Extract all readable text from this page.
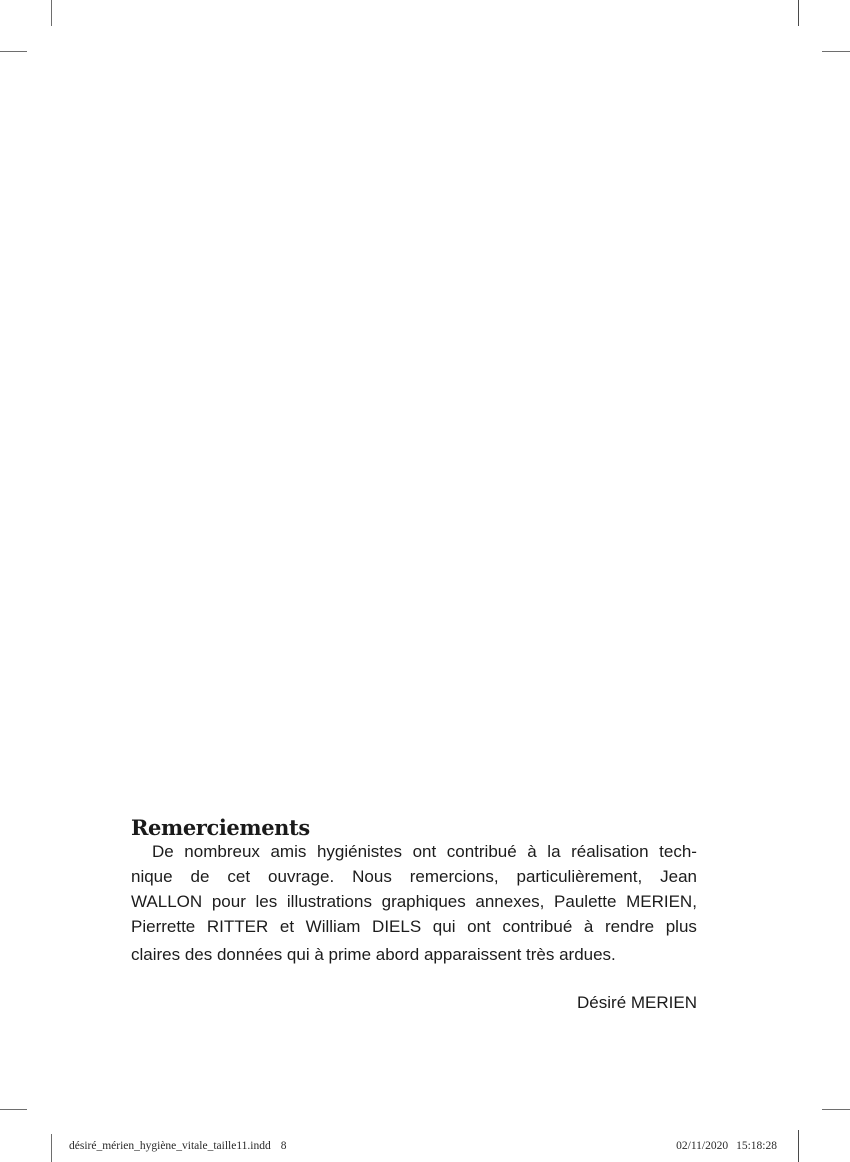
Remerciements
De nombreux amis hygiénistes ont contribué à la réalisation tech-
nique de cet ouvrage. Nous remercions, particulièrement, Jean
WALLON pour les illustrations graphiques annexes, Paulette MERIEN,
Pierrette RITTER et William DIELS qui ont contribué à rendre plus
claires des données qui à prime abord apparaissent très ardues.
Désiré MERIEN
désiré_mérien_hygiène_vitale_taille11.indd 8	02/11/2020 15:18:28
